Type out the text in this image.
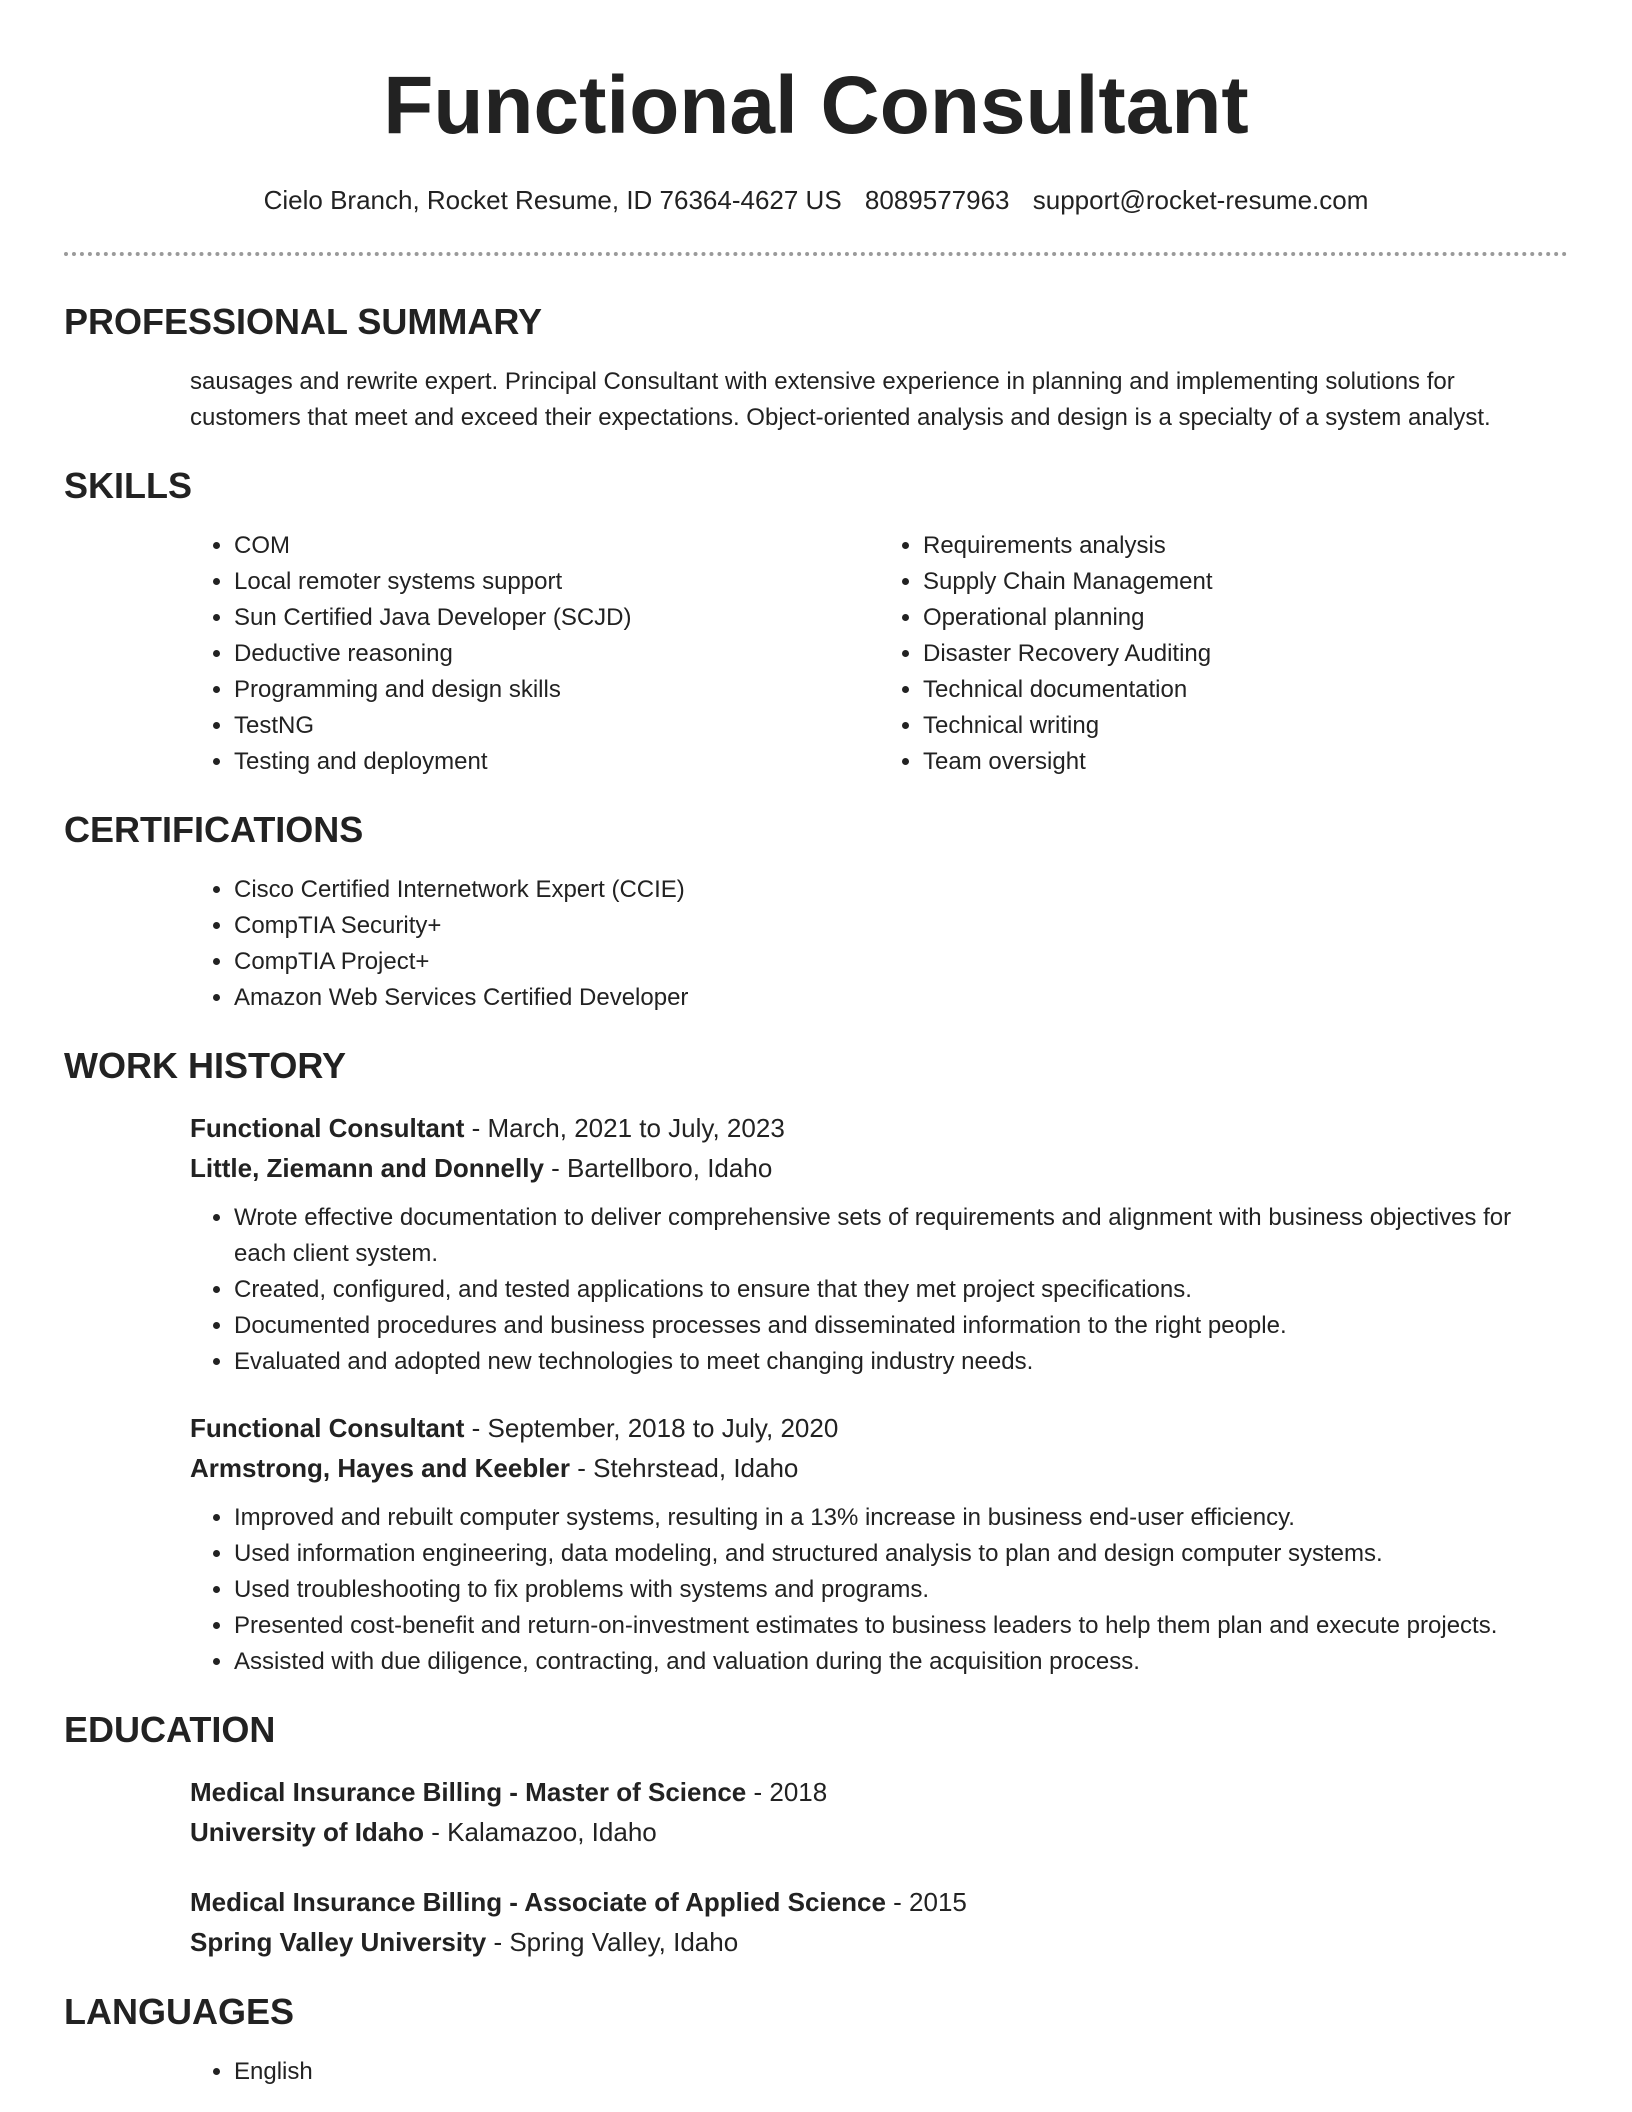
Functional Consultant
Cielo Branch, Rocket Resume, ID 76364-4627 US 8089577963 support@rocket-resume.com
PROFESSIONAL SUMMARY

sausages and rewrite expert. Principal Consultant with extensive experience in planning and implementing solutions for customers that meet and exceed their expectations. Object-oriented analysis and design is a specialty of a system analyst.

SKILLS
• COM
• Local remoter systems support
• Sun Certified Java Developer (SCJD)
• Deductive reasoning
• Programming and design skills
• TestNG
• Testing and deployment
• Requirements analysis
• Supply Chain Management
• Operational planning
• Disaster Recovery Auditing
• Technical documentation
• Technical writing
• Team oversight
CERTIFICATIONS
• Cisco Certified Internetwork Expert (CCIE)
• CompTIA Security+
• CompTIA Project+
• Amazon Web Services Certified Developer
WORK HISTORY
Functional Consultant - March, 2021 to July, 2023
Little, Ziemann and Donnelly - Bartellboro, Idaho
• Wrote effective documentation to deliver comprehensive sets of requirements and alignment with business objectives for each client system.
• Created, configured, and tested applications to ensure that they met project specifications.
• Documented procedures and business processes and disseminated information to the right people.
• Evaluated and adopted new technologies to meet changing industry needs.
Functional Consultant - September, 2018 to July, 2020
Armstrong, Hayes and Keebler - Stehrstead, Idaho
• Improved and rebuilt computer systems, resulting in a 13% increase in business end-user efficiency.
• Used information engineering, data modeling, and structured analysis to plan and design computer systems.
• Used troubleshooting to fix problems with systems and programs.
• Presented cost-benefit and return-on-investment estimates to business leaders to help them plan and execute projects.
• Assisted with due diligence, contracting, and valuation during the acquisition process.
EDUCATION
Medical Insurance Billing - Master of Science - 2018
University of Idaho - Kalamazoo, Idaho
Medical Insurance Billing - Associate of Applied Science - 2015
Spring Valley University - Spring Valley, Idaho
LANGUAGES
• English
